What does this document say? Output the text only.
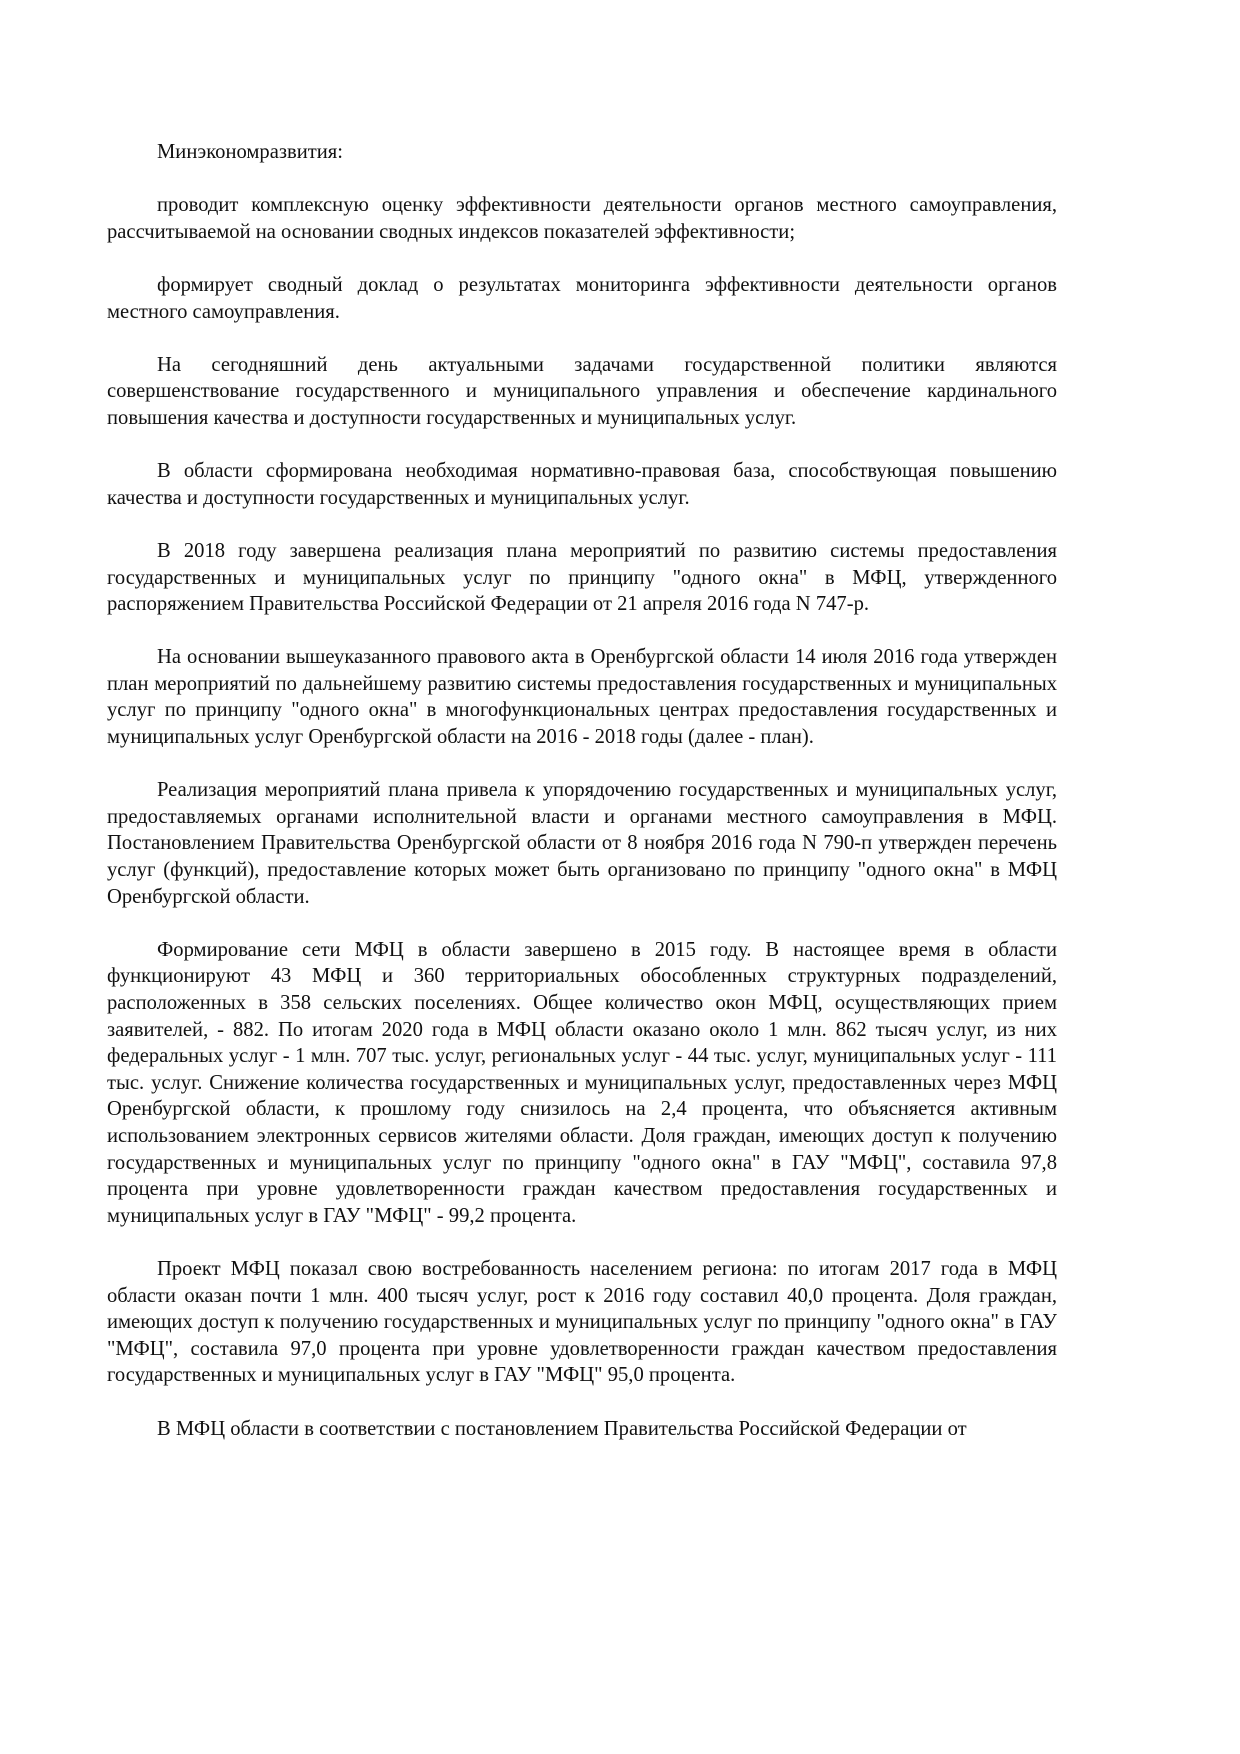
Минэкономразвития:

проводит комплексную оценку эффективности деятельности органов местного самоуправления, рассчитываемой на основании сводных индексов показателей эффективности;

формирует сводный доклад о результатах мониторинга эффективности деятельности органов местного самоуправления.

На сегодняшний день актуальными задачами государственной политики являются совершенствование государственного и муниципального управления и обеспечение кардинального повышения качества и доступности государственных и муниципальных услуг.

В области сформирована необходимая нормативно-правовая база, способствующая повышению качества и доступности государственных и муниципальных услуг.

В 2018 году завершена реализация плана мероприятий по развитию системы предоставления государственных и муниципальных услуг по принципу "одного окна" в МФЦ, утвержденного распоряжением Правительства Российской Федерации от 21 апреля 2016 года N 747-р.

На основании вышеуказанного правового акта в Оренбургской области 14 июля 2016 года утвержден план мероприятий по дальнейшему развитию системы предоставления государственных и муниципальных услуг по принципу "одного окна" в многофункциональных центрах предоставления государственных и муниципальных услуг Оренбургской области на 2016 - 2018 годы (далее - план).

Реализация мероприятий плана привела к упорядочению государственных и муниципальных услуг, предоставляемых органами исполнительной власти и органами местного самоуправления в МФЦ. Постановлением Правительства Оренбургской области от 8 ноября 2016 года N 790-п утвержден перечень услуг (функций), предоставление которых может быть организовано по принципу "одного окна" в МФЦ Оренбургской области.

Формирование сети МФЦ в области завершено в 2015 году. В настоящее время в области функционируют 43 МФЦ и 360 территориальных обособленных структурных подразделений, расположенных в 358 сельских поселениях. Общее количество окон МФЦ, осуществляющих прием заявителей, - 882. По итогам 2020 года в МФЦ области оказано около 1 млн. 862 тысяч услуг, из них федеральных услуг - 1 млн. 707 тыс. услуг, региональных услуг - 44 тыс. услуг, муниципальных услуг - 111 тыс. услуг. Снижение количества государственных и муниципальных услуг, предоставленных через МФЦ Оренбургской области, к прошлому году снизилось на 2,4 процента, что объясняется активным использованием электронных сервисов жителями области. Доля граждан, имеющих доступ к получению государственных и муниципальных услуг по принципу "одного окна" в ГАУ "МФЦ", составила 97,8 процента при уровне удовлетворенности граждан качеством предоставления государственных и муниципальных услуг в ГАУ "МФЦ" - 99,2 процента.

Проект МФЦ показал свою востребованность населением региона: по итогам 2017 года в МФЦ области оказан почти 1 млн. 400 тысяч услуг, рост к 2016 году составил 40,0 процента. Доля граждан, имеющих доступ к получению государственных и муниципальных услуг по принципу "одного окна" в ГАУ "МФЦ", составила 97,0 процента при уровне удовлетворенности граждан качеством предоставления государственных и муниципальных услуг в ГАУ "МФЦ" 95,0 процента.

В МФЦ области в соответствии с постановлением Правительства Российской Федерации от
